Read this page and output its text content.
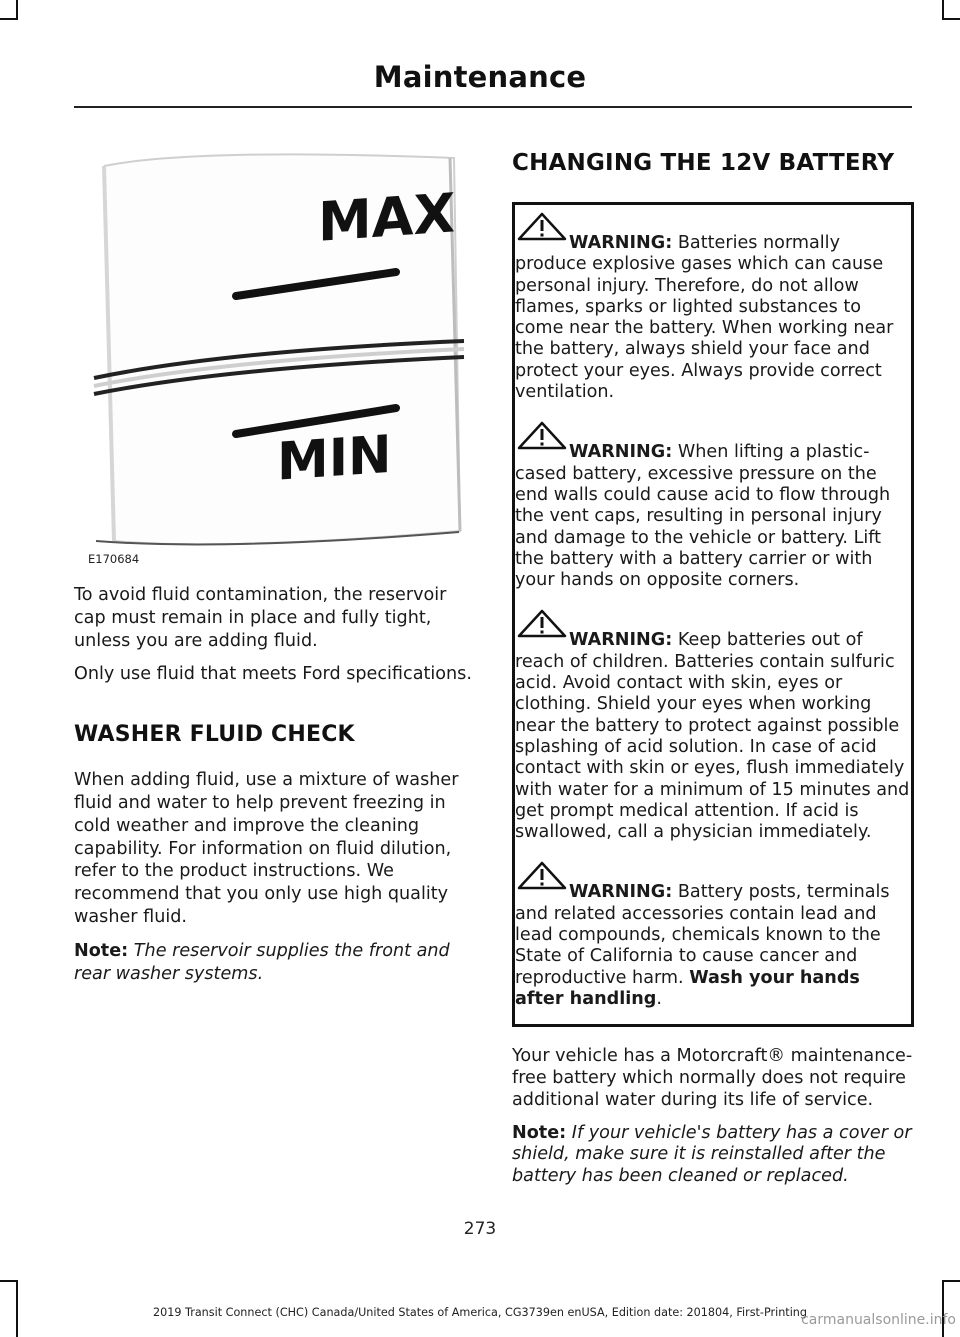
Maintenance
MAX
MIN
E170684

To avoid fluid contamination, the reservoir cap must remain in place and fully tight, unless you are adding fluid.

Only use fluid that meets Ford specifications.

WASHER FLUID CHECK

When adding fluid, use a mixture of washer fluid and water to help prevent freezing in cold weather and improve the cleaning capability. For information on fluid dilution, refer to the product instructions. We recommend that you only use high quality washer fluid.

Note: The reservoir supplies the front and rear washer systems.

CHANGING THE 12V BATTERY
WARNING: Batteries normally produce explosive gases which can cause personal injury. Therefore, do not allow flames, sparks or lighted substances to come near the battery. When working near the battery, always shield your face and protect your eyes. Always provide correct ventilation.
WARNING: When lifting a plastic-cased battery, excessive pressure on the end walls could cause acid to flow through the vent caps, resulting in personal injury and damage to the vehicle or battery. Lift the battery with a battery carrier or with your hands on opposite corners.
WARNING: Keep batteries out of reach of children. Batteries contain sulfuric acid. Avoid contact with skin, eyes or clothing. Shield your eyes when working near the battery to protect against possible splashing of acid solution. In case of acid contact with skin or eyes, flush immediately with water for a minimum of 15 minutes and get prompt medical attention. If acid is swallowed, call a physician immediately.
WARNING: Battery posts, terminals and related accessories contain lead and lead compounds, chemicals known to the State of California to cause cancer and reproductive harm. Wash your hands after handling.

Your vehicle has a Motorcraft® maintenance-free battery which normally does not require additional water during its life of service.

Note: If your vehicle's battery has a cover or shield, make sure it is reinstalled after the battery has been cleaned or replaced.

273
2019 Transit Connect (CHC) Canada/United States of America, CG3739en enUSA, Edition date: 201804, First-Printing
carmanualsonline.info
